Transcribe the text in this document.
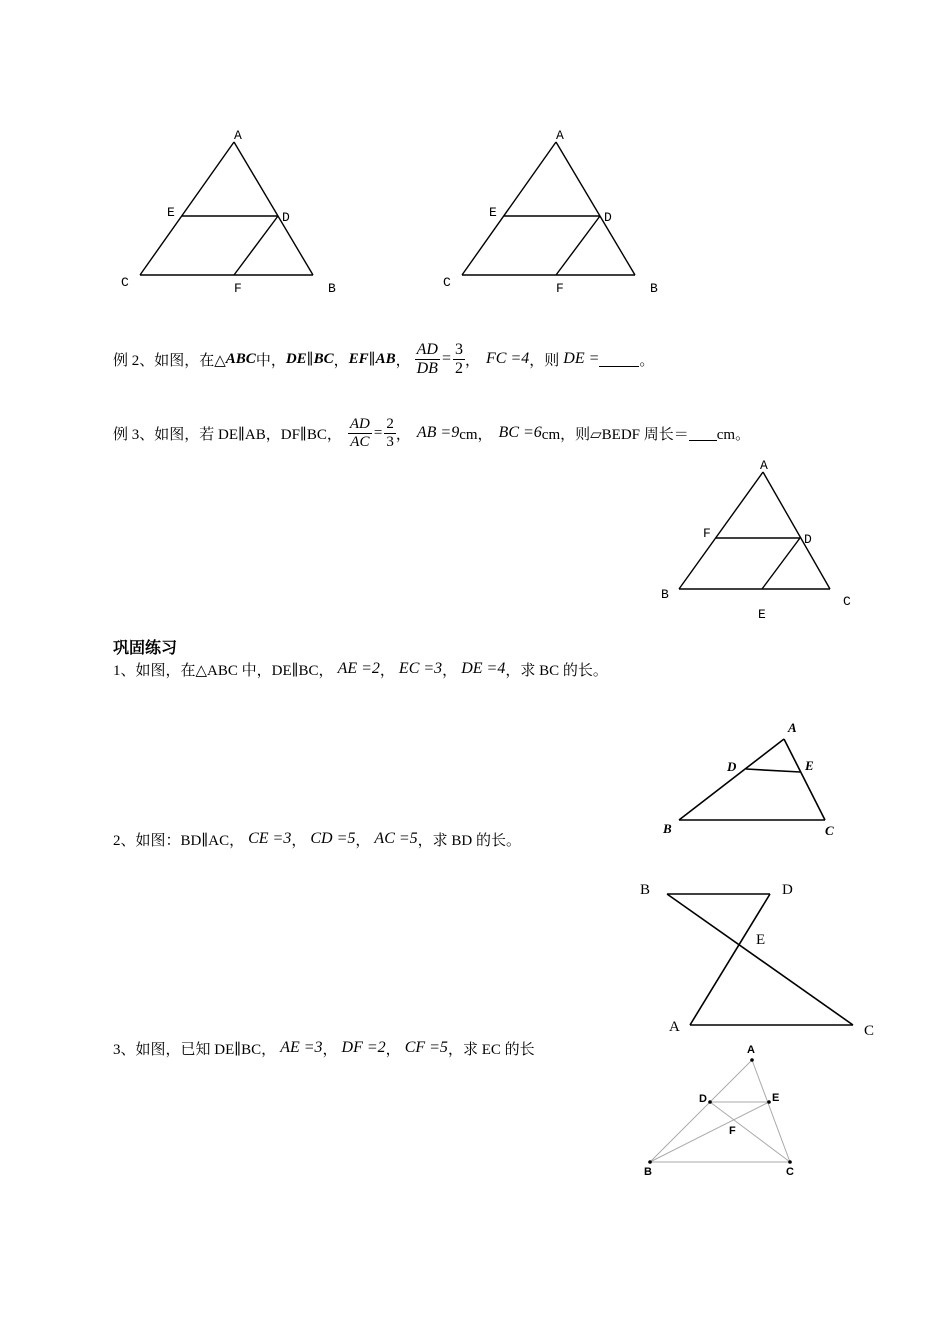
A
E	D
C	F	B
A
E	D
C	F	B
例 2、如图，在△ ABC 中， DE ∥ BC ， EF ∥ AB ， $\frac{AD}{DB} = \frac{3}{2}$ ， FC =4 ，则 DE =	。
例 3、如图，若 DE∥AB，DF∥BC， $\frac{AD}{AC} = \frac{2}{3}$ ， AB =9 cm， BC =6 cm，则 ▱BEDF 周长＝ cm。
A
F	D
B
E
C
巩固练习
1、如图，在△ABC 中，DE∥BC， AE =2 ， EC =3 ， DE =4 ，求 BC 的长。
A
D	E
B	C
2、如图：BD∥AC， CE =3 ， CD =5 ， AC =5 ，求 BD 的长。
B	D
E
A	C
3、如图，已知 DE∥BC， AE =3 ， DF =2 ， CF =5 ，求 EC 的长	A
D	E
F
B	C
